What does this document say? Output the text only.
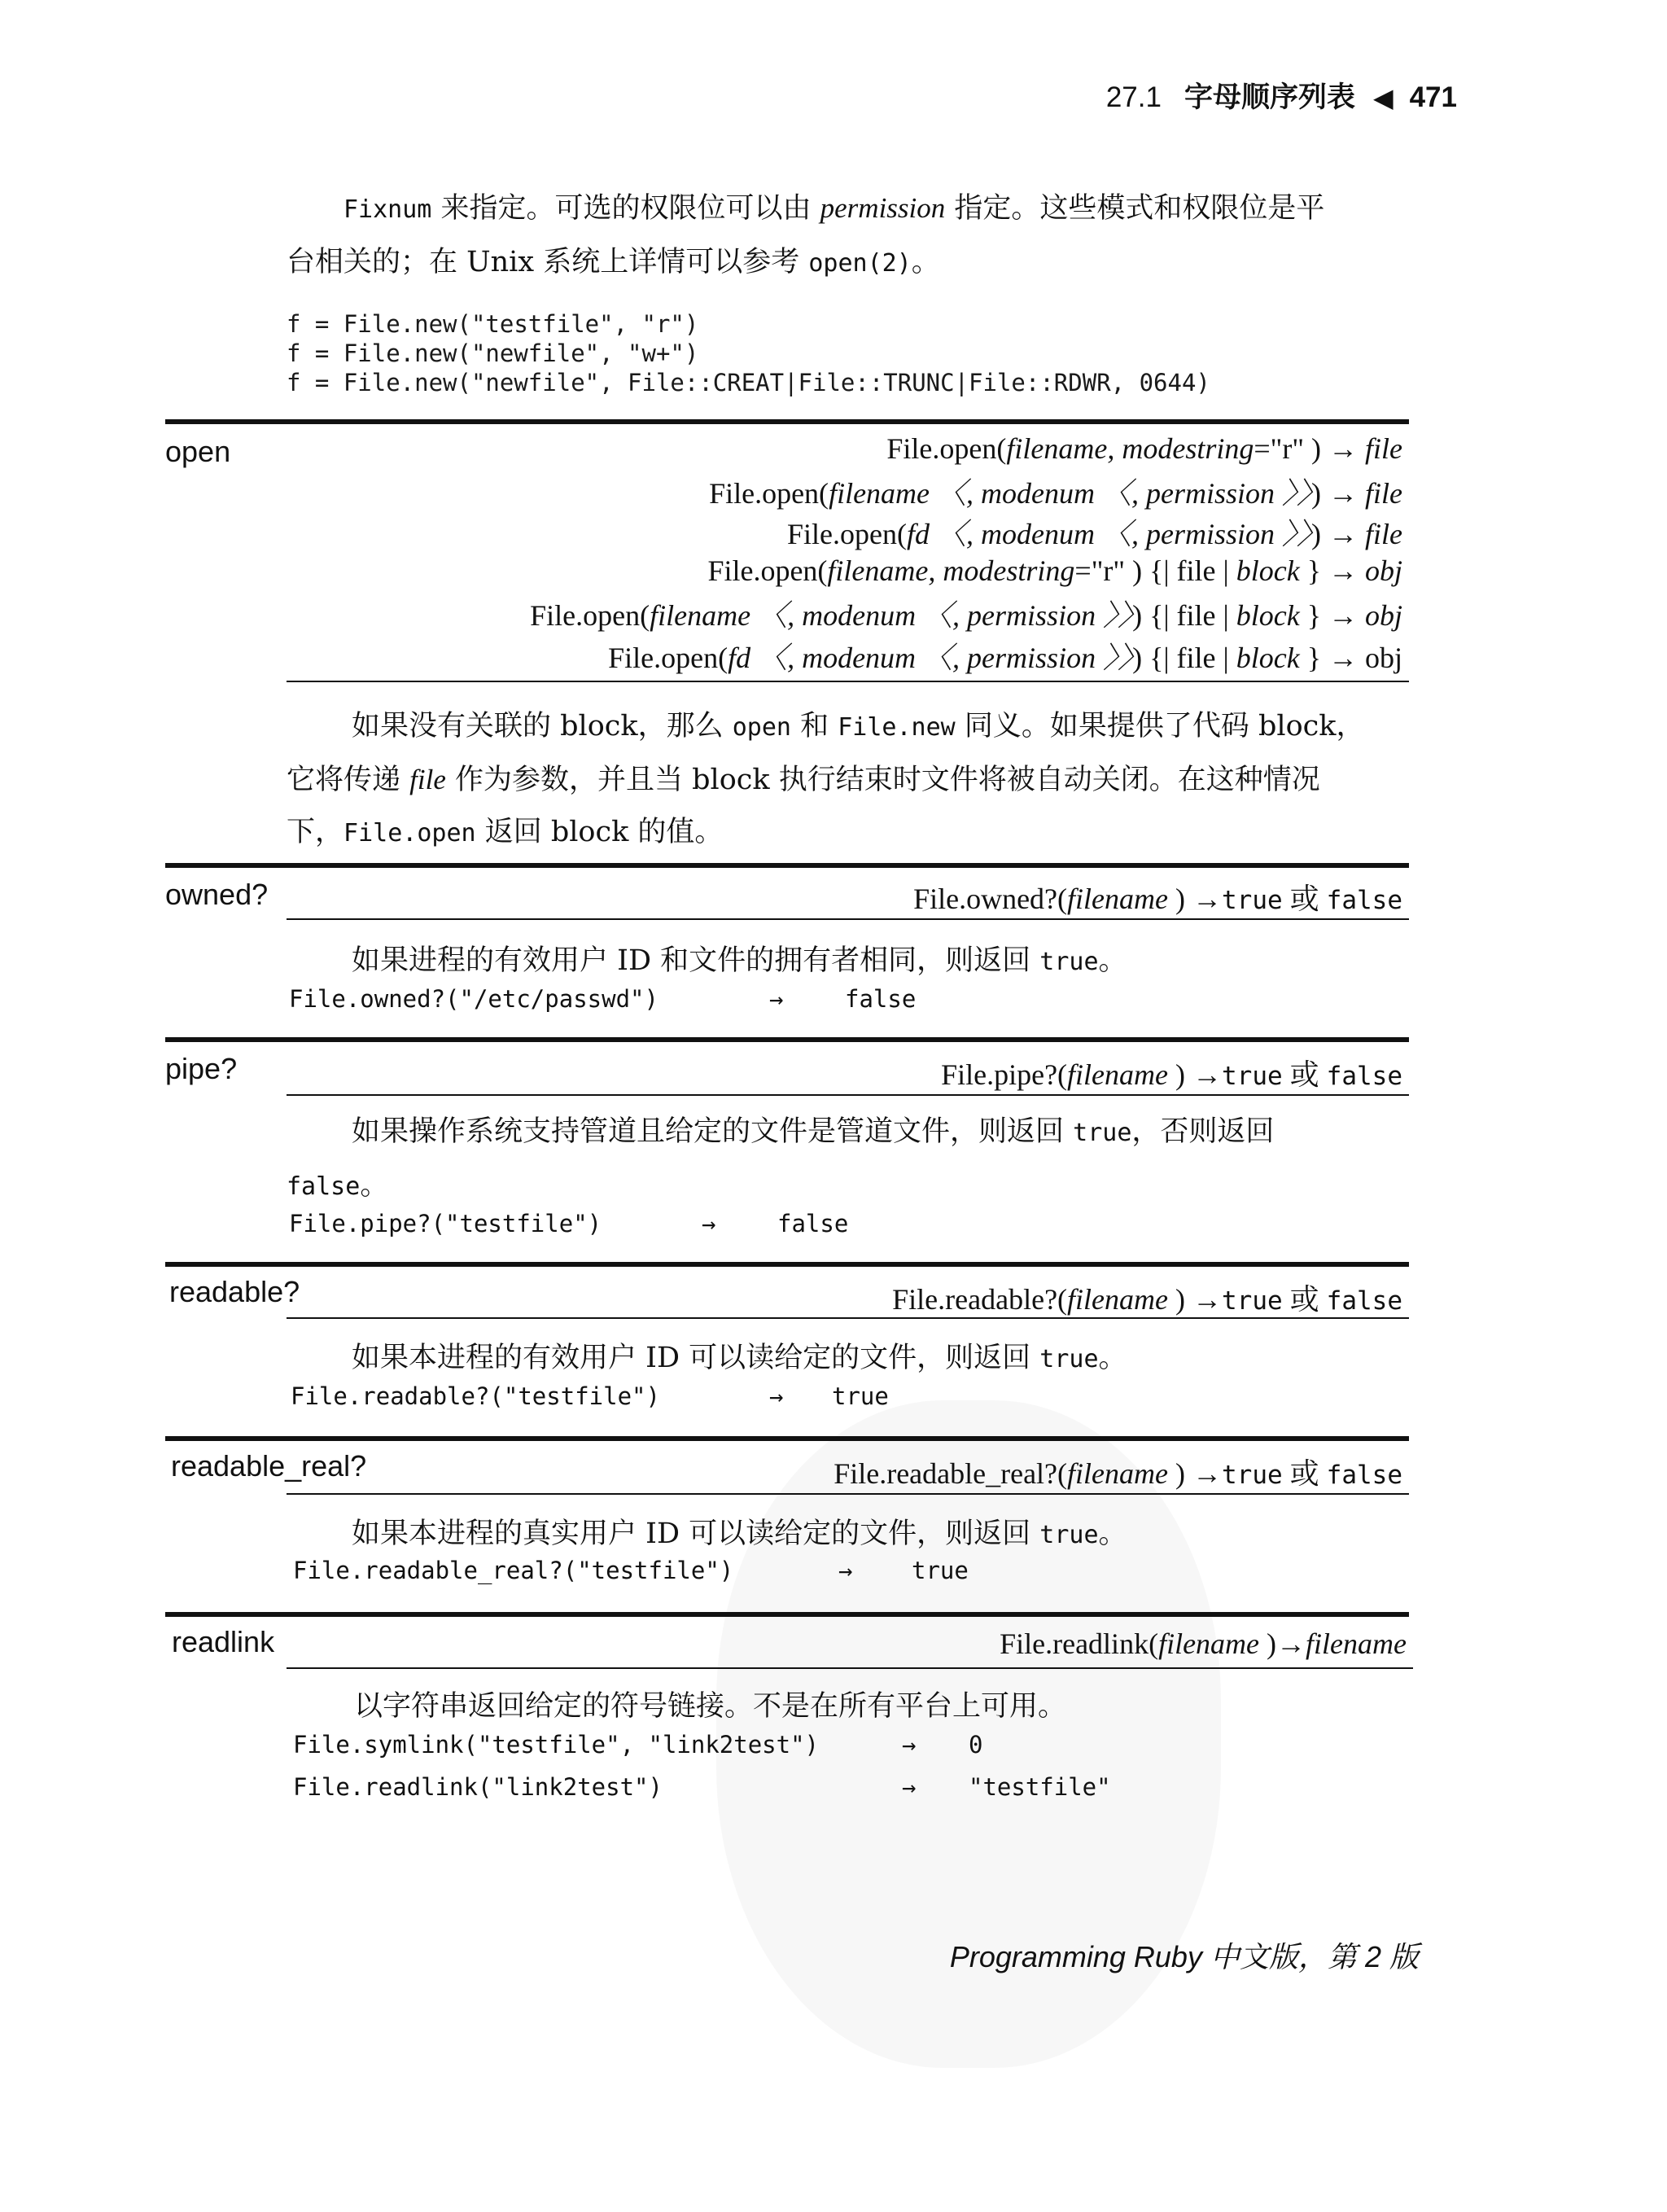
27.1 字母顺序列表 ◀ 471
Fixnum 来指定。可选的权限位可以由 permission 指定。这些模式和权限位是平
台相关的；在 Unix 系统上详情可以参考 open(2)。
f = File.new("testfile", "r")
f = File.new("newfile", "w+")
f = File.new("newfile", File::CREAT|File::TRUNC|File::RDWR, 0644)
open	File.open(filename, modestring="r" ) → file
File.open(filename 〈, modenum 〈, permission 〉〉) → file
File.open(fd 〈, modenum 〈, permission 〉〉) → file
File.open(filename, modestring="r" ) {| file | block } → obj
File.open(filename 〈, modenum 〈, permission 〉〉) {| file | block } → obj
File.open(fd 〈, modenum 〈, permission 〉〉) {| file | block } → obj
如果没有关联的 block，那么 open 和 File.new 同义。如果提供了代码 block，
它将传递 file 作为参数，并且当 block 执行结束时文件将被自动关闭。在这种情况
下，File.open 返回 block 的值。
owned?	File.owned?(filename ) →true 或 false
如果进程的有效用户 ID 和文件的拥有者相同，则返回 true。
File.owned?("/etc/passwd")	→	false
pipe?	File.pipe?(filename ) →true 或 false
如果操作系统支持管道且给定的文件是管道文件，则返回 true，否则返回
false。
File.pipe?("testfile")	→	false
readable?	File.readable?(filename ) →true 或 false
如果本进程的有效用户 ID 可以读给定的文件，则返回 true。
File.readable?("testfile")	→ true
readable_real?	File.readable_real?(filename ) →true 或 false
如果本进程的真实用户 ID 可以读给定的文件，则返回 true。
File.readable_real?("testfile")	→	true
readlink	File.readlink(filename )→filename
以字符串返回给定的符号链接。不是在所有平台上可用。
File.symlink("testfile", "link2test")	→ 0
File.readlink("link2test")	→ "testfile"
Programming Ruby 中文版，第 2 版
